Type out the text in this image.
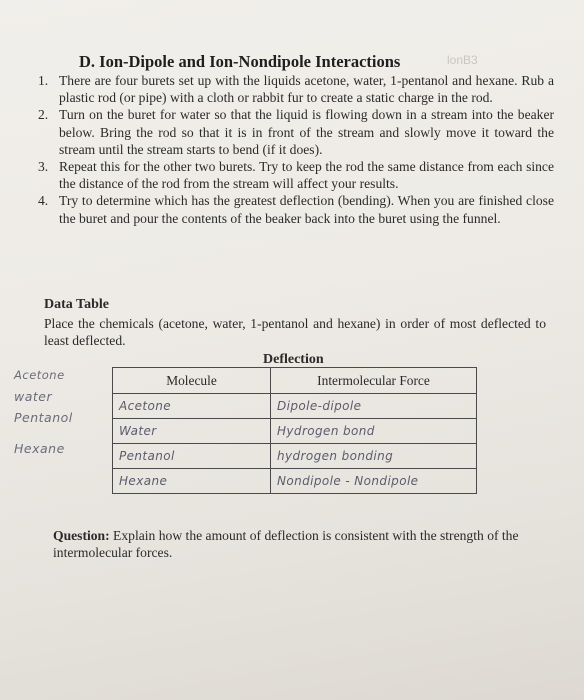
D. Ion-Dipole and Ion-Nondipole Interactions	lonB3
1. There are four burets set up with the liquids acetone, water, 1-pentanol and hexane. Rub a plastic rod (or pipe) with a cloth or rabbit fur to create a static charge in the rod.
2. Turn on the buret for water so that the liquid is flowing down in a stream into the beaker below. Bring the rod so that it is in front of the stream and slowly move it toward the stream until the stream starts to bend (if it does).
3. Repeat this for the other two burets. Try to keep the rod the same distance from each since the distance of the rod from the stream will affect your results.
4. Try to determine which has the greatest deflection (bending). When you are finished close the buret and pour the contents of the beaker back into the buret using the funnel.
Data Table
Place the chemicals (acetone, water, 1-pentanol and hexane) in order of most deflected to least deflected.
Deflection
Acetone
water
Pentanol
Hexane
Molecule	Intermolecular Force
Acetone	Dipole-dipole
Water	Hydrogen bond
Pentanol	hydrogen bonding
Hexane	Nondipole - Nondipole
Question: Explain how the amount of deflection is consistent with the strength of the intermolecular forces.
